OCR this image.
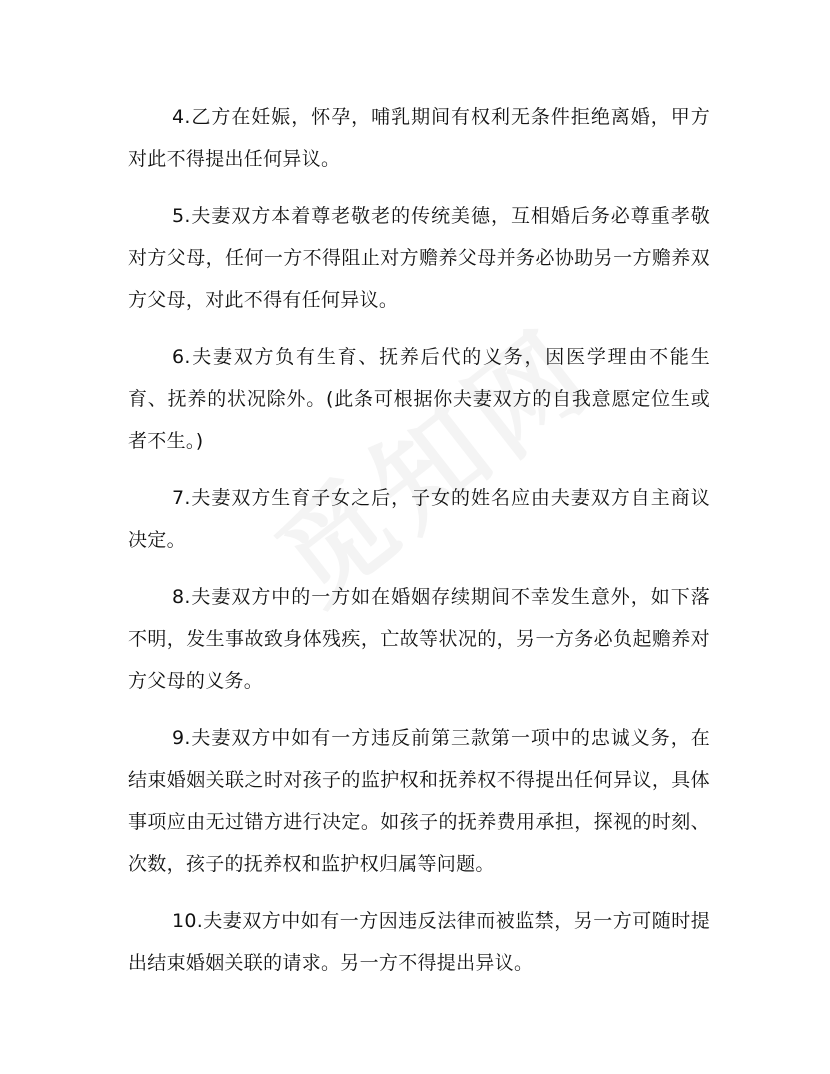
4.乙方在妊娠，怀孕，哺乳期间有权利无条件拒绝离婚，甲方对此不得提出任何异议。

5.夫妻双方本着尊老敬老的传统美德，互相婚后务必尊重孝敬对方父母，任何一方不得阻止对方赡养父母并务必协助另一方赡养双方父母，对此不得有任何异议。

6.夫妻双方负有生育、抚养后代的义务，因医学理由不能生育、抚养的状况除外。(此条可根据你夫妻双方的自我意愿定位生或者不生。)

7.夫妻双方生育子女之后，子女的姓名应由夫妻双方自主商议决定。

8.夫妻双方中的一方如在婚姻存续期间不幸发生意外，如下落不明，发生事故致身体残疾，亡故等状况的，另一方务必负起赡养对方父母的义务。

9.夫妻双方中如有一方违反前第三款第一项中的忠诚义务，在结束婚姻关联之时对孩子的监护权和抚养权不得提出任何异议，具体事项应由无过错方进行决定。如孩子的抚养费用承担，探视的时刻、次数，孩子的抚养权和监护权归属等问题。

10.夫妻双方中如有一方因违反法律而被监禁，另一方可随时提出结束婚姻关联的请求。另一方不得提出异议。
